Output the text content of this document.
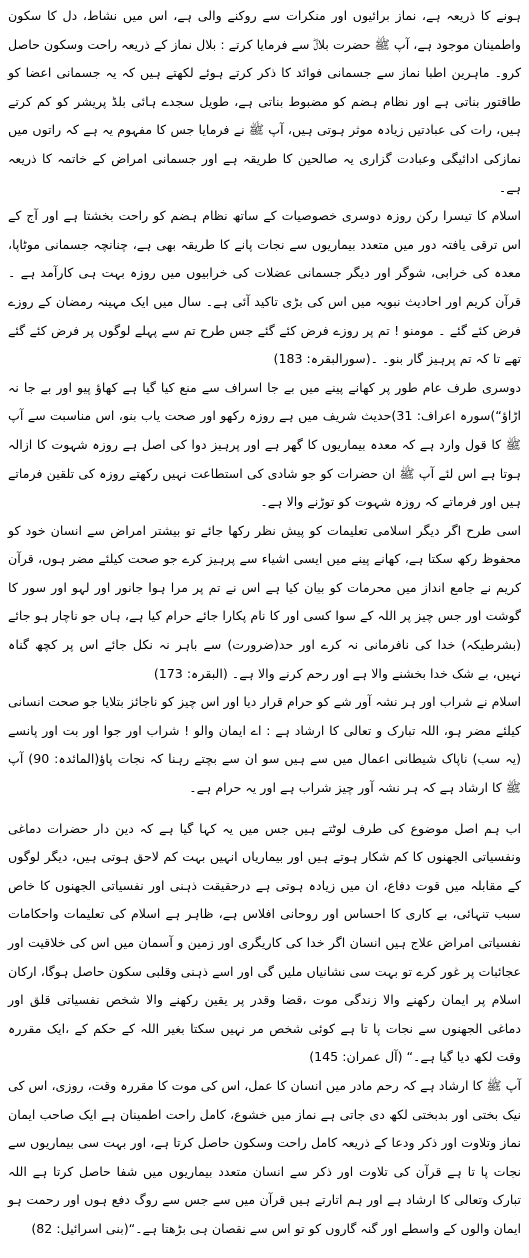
ہونے کا ذریعہ ہے، نماز برائیوں اور منکرات سے روکنے والی ہے، اس میں نشاط، دل کا سکون واطمینان موجود ہے، آپ ﷺ حضرت بلالؓ سے فرمایا کرتے : بلال نماز کے ذریعہ راحت وسکون حاصل کرو۔ ماہرین اطبا نماز سے جسمانی فوائد کا ذکر کرتے ہوئے لکھتے ہیں کہ یہ جسمانی اعضا کو طاقتور بناتی ہے اور نظام ہضم کو مضبوط بناتی ہے، طویل سجدے ہائی بلڈ پریشر کو کم کرتے ہیں، رات کی عبادتیں زیادہ موثر ہوتی ہیں، آپ ﷺ نے فرمایا جس کا مفہوم یہ ہے کہ راتوں میں نمازکی ادائیگی وعبادت گزاری یہ صالحین کا طریقہ ہے اور جسمانی امراض کے خاتمہ کا ذریعہ ہے۔

اسلام کا تیسرا رکن روزہ دوسری خصوصیات کے ساتھ نظام ہضم کو راحت بخشتا ہے اور آج کے اس ترقی یافتہ دور میں متعدد بیماریوں سے نجات پانے کا طریقہ بھی ہے، چنانچہ جسمانی موٹاپا، معدہ کی خرابی، شوگر اور دیگر جسمانی عضلات کی خرابیوں میں روزہ بہت ہی کارآمد ہے ۔قرآن کریم اور احادیث نبویہ میں اس کی بڑی تاکید آئی ہے۔ سال میں ایک مہینہ رمضان کے روزے فرض کئے گئے ۔ مومنو ! تم پر روزے فرض کئے گئے جس طرح تم سے پہلے لوگوں پر فرض کئے گئے تھے تا کہ تم پرہیز گار بنو۔ ۔(سورالبقرہ: 183)

دوسری طرف عام طور پر کھانے پینے میں بے جا اسراف سے منع کیا گیا ہے کھاؤ پیو اور بے جا نہ اڑاؤ“)سورہ اعراف: 31)حدیث شریف میں ہے روزہ رکھو اور صحت یاب بنو، اس مناسبت سے آپ ﷺ کا قول وارد ہے کہ معدہ بیماریوں کا گھر ہے اور پرہیز دوا کی اصل ہے روزہ شہوت کا ازالہ ہوتا ہے اس لئے آپ ﷺ ان حضرات کو جو شادی کی استطاعت نہیں رکھتے روزہ کی تلقین فرماتے ہیں اور فرماتے کہ روزہ شہوت کو توڑنے والا ہے۔

اسی طرح اگر دیگر اسلامی تعلیمات کو پیش نظر رکھا جائے تو بیشتر امراض سے انسان خود کو محفوظ رکھ سکتا ہے، کھانے پینے میں ایسی اشیاء سے پرہیز کرے جو صحت کیلئے مضر ہوں، قرآن کریم نے جامع انداز میں محرمات کو بیان کیا ہے اس نے تم پر مرا ہوا جانور اور لہو اور سور کا گوشت اور جس چیز پر اللہ کے سوا کسی اور کا نام پکارا جائے حرام کیا ہے، ہاں جو ناچار ہو جائے (بشرطیکہ) خدا کی نافرمانی نہ کرے اور حد(ضرورت) سے باہر نہ نکل جائے اس پر کچھ گناہ نہیں، بے شک خدا بخشنے والا ہے اور رحم کرنے والا ہے۔ (البقرہ: 173)

اسلام نے شراب اور ہر نشہ آور شے کو حرام قرار دیا اور اس چیز کو ناجائز بتلایا جو صحت انسانی کیلئے مضر ہو، اللہ تبارک و تعالی کا ارشاد ہے : اے ایمان والو ! شراب اور جوا اور بت اور پانسے (یہ سب) ناپاک شیطانی اعمال میں سے ہیں سو ان سے بچتے رہنا کہ نجات پاؤ(المائدہ: 90) آپ ﷺ کا ارشاد ہے کہ ہر نشہ آور چیز شراب ہے اور یہ حرام ہے۔

اب ہم اصل موضوع کی طرف لوٹتے ہیں جس میں یہ کہا گیا ہے کہ دین دار حضرات دماغی ونفسیاتی الجھنوں کا کم شکار ہوتے ہیں اور بیماریاں انہیں بہت کم لاحق ہوتی ہیں، دیگر لوگوں کے مقابلہ میں قوت دفاع، ان میں زیادہ ہوتی ہے درحقیقت ذہنی اور نفسیاتی الجھنوں کا خاص سبب تنہائی، بے کاری کا احساس اور روحانی افلاس ہے، ظاہر ہے اسلام کی تعلیمات واحکامات نفسیاتی امراض علاج ہیں انسان اگر خدا کی کاریگری اور زمین و آسمان میں اس کی خلاقیت اور عجائبات پر غور کرے تو بہت سی نشانیاں ملیں گی اور اسے ذہنی وقلبی سکون حاصل ہوگا، ارکان اسلام پر ایمان رکھنے والا زندگی موت ،قضا وقدر پر یقین رکھنے والا شخص نفسیاتی قلق اور دماغی الجھنوں سے نجات پا تا ہے کوئی شخص مر نہیں سکتا بغیر اللہ کے حکم کے ،ایک مقررہ وقت لکھ دیا گیا ہے۔“ (آل عمران: 145)

آپ ﷺ کا ارشاد ہے کہ رحم مادر میں انسان کا عمل، اس کی موت کا مقررہ وقت، روزی، اس کی نیک بختی اور بدبختی لکھ دی جاتی ہے نماز میں خشوع، کامل راحت اطمینان ہے ایک صاحب ایمان نماز وتلاوت اور ذکر ودعا کے ذریعہ کامل راحت وسکون حاصل کرتا ہے، اور بہت سی بیماریوں سے نجات پا تا ہے قرآن کی تلاوت اور ذکر سے انسان متعدد بیماریوں میں شفا حاصل کرتا ہے اللہ تبارک وتعالی کا ارشاد ہے اور ہم اتارتے ہیں قرآن میں سے جس سے روگ دفع ہوں اور رحمت ہو ایمان والوں کے واسطے اور گنہ گاروں کو تو اس سے نقصان ہی بڑھتا ہے۔“(بنی اسرائیل: 82)
